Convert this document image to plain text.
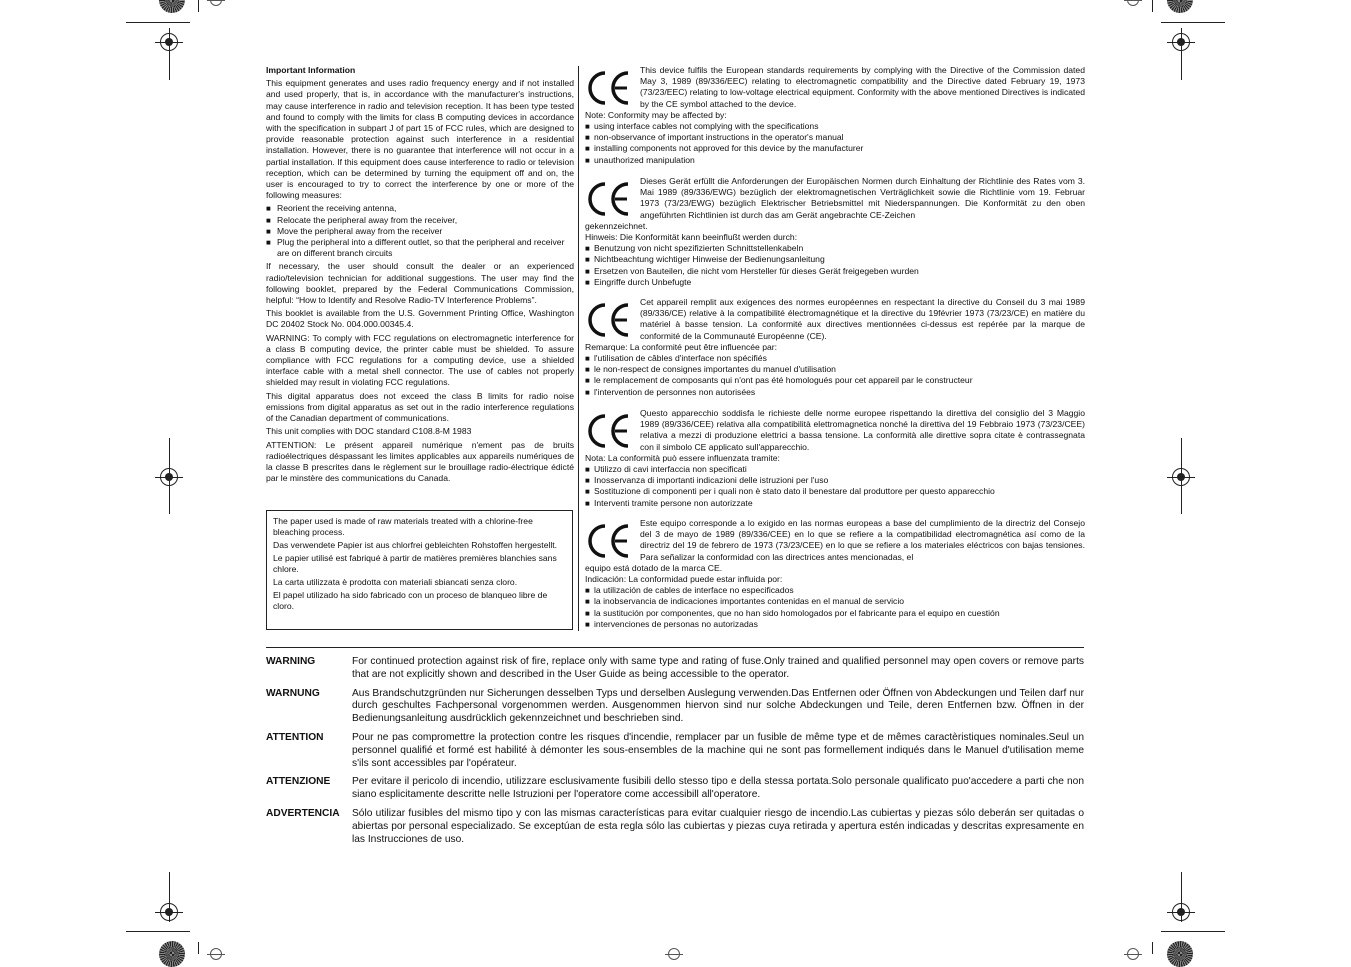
Important Information

This equipment generates and uses radio frequency energy and if not installed and used properly, that is, in accordance with the manufacturer's instructions, may cause interference in radio and television reception. It has been type tested and found to comply with the limits for class B computing devices in accordance with the specification in subpart J of part 15 of FCC rules, which are designed to provide reasonable protection against such interference in a residential installation. However, there is no guarantee that interference will not occur in a partial installation. If this equipment does cause interference to radio or television reception, which can be determined by turning the equipment off and on, the user is encouraged to try to correct the interference by one or more of the following measures:

■ Reorient the receiving antenna,
■ Relocate the peripheral away from the receiver,
■ Move the peripheral away from the receiver
■ Plug the peripheral into a different outlet, so that the peripheral and receiver are on different branch circuits

If necessary, the user should consult the dealer or an experienced radio/television technician for additional suggestions. The user may find the following booklet, prepared by the Federal Communications Commission, helpful: “How to Identify and Resolve Radio-TV Interference Problems”.

This booklet is available from the U.S. Government Printing Office, Washington DC 20402 Stock No. 004.000.00345.4.

WARNING: To comply with FCC regulations on electromagnetic interference for a class B computing device, the printer cable must be shielded. To assure compliance with FCC regulations for a computing device, use a shielded interface cable with a metal shell connector. The use of cables not properly shielded may result in violating FCC regulations.

This digital apparatus does not exceed the class B limits for radio noise emissions from digital apparatus as set out in the radio interference regulations of the Canadian department of communications.

This unit complies with DOC standard C108.8-M 1983

ATTENTION: Le présent appareil numérique n'ement pas de bruits radioélectriques déspassant les limites applicables aux appareils numériques de la classe B prescrites dans le règlement sur le brouillage radio-électrique édicté par le minstère des communications du Canada.

The paper used is made of raw materials treated with a chlorine-free bleaching process.

Das verwendete Papier ist aus chlorfrei gebleichten Rohstoffen hergestellt.

Le papier utilisé est fabriqué à partir de matières premières blanchies sans chlore.

La carta utilizzata è prodotta con materiali sbiancati senza cloro.

El papel utilizado ha sido fabricado con un proceso de blanqueo libre de cloro.

This device fulfils the European standards requirements by complying with the Directive of the Commission dated May 3, 1989 (89/336/EEC) relating to electromagnetic compatibility and the Directive dated February 19, 1973 (73/23/EEC) relating to low-voltage electrical equipment. Conformity with the above mentioned Directives is indicated by the CE symbol attached to the device.

Note: Conformity may be affected by:

■ using interface cables not complying with the specifications
■ non-observance of important instructions in the operator's manual
■ installing components not approved for this device by the manufacturer
■ unauthorized manipulation

Dieses Gerät erfüllt die Anforderungen der Europäischen Normen durch Einhaltung der Richtlinie des Rates vom 3. Mai 1989 (89/336/EWG) bezüglich der elektromagnetischen Verträglichkeit sowie die Richtlinie vom 19. Februar 1973 (73/23/EWG) bezüglich Elektrischer Betriebsmittel mit Niederspannungen. Die Konformität zu den oben angeführten Richtlinien ist durch das am Gerät angebrachte CE-Zeichen

gekennzeichnet.

Hinweis: Die Konformität kann beeinflußt werden durch:

■ Benutzung von nicht spezifizierten Schnittstellenkabeln
■ Nichtbeachtung wichtiger Hinweise der Bedienungsanleitung
■ Ersetzen von Bauteilen, die nicht vom Hersteller für dieses Gerät freigegeben wurden
■ Eingriffe durch Unbefugte

Cet appareil remplit aux exigences des normes européennes en respectant la directive du Conseil du 3 mai 1989 (89/336/CE) relative à la compatibilité électromagnétique et la directive du 19février 1973 (73/23/CE) en matière du matériel à basse tension. La conformité aux directives mentionnées ci-dessus est repérée par la marque de conformité de la Communauté Européenne (CE).

Remarque: La conformité peut être influencée par:

■ l'utilisation de câbles d'interface non spécifiés
■ le non-respect de consignes importantes du manuel d'utilisation
■ le remplacement de composants qui n'ont pas été homologués pour cet appareil par le constructeur
■ l'intervention de personnes non autorisées

Questo apparecchio soddisfa le richieste delle norme europee rispettando la direttiva del consiglio del 3 Maggio 1989 (89/336/CEE) relativa alla compatibilità elettromagnetica nonché la direttiva del 19 Febbraio 1973 (73/23/CEE) relativa a mezzi di produzione elettrici a bassa tensione. La conformità alle direttive sopra citate è contrassegnata con il simbolo CE applicato sull'apparecchio.

Nota: La conformità può essere influenzata tramite:

■ Utilizzo di cavi interfaccia non specificati
■ Inosservanza di importanti indicazioni delle istruzioni per l'uso
■ Sostituzione di componenti per i quali non è stato dato il benestare dal produttore per questo apparecchio
■ Interventi tramite persone non autorizzate

Este equipo corresponde a lo exigido en las normas europeas a base del cumplimiento de la directriz del Consejo del 3 de mayo de 1989 (89/336/CEE) en lo que se refiere a la compatibilidad electromagnética así como de la directriz del 19 de febrero de 1973 (73/23/CEE) en lo que se refiere a los materiales eléctricos con bajas tensiones. Para señalizar la conformidad con las directrices antes mencionadas, el

equipo está dotado de la marca CE.

Indicación: La conformidad puede estar influida por:

■ la utilización de cables de interface no especificados
■ la inobservancia de indicaciones importantes contenidas en el manual de servicio
■ la sustitución por componentes, que no han sido homologados por el fabricante para el equipo en cuestión
■ intervenciones de personas no autorizadas
WARNING	For continued protection against risk of fire, replace only with same type and rating of fuse.Only trained and qualified personnel may open covers or remove parts that are not explicitly shown and described in the User Guide as being accessible to the operator.
WARNUNG	Aus Brandschutzgründen nur Sicherungen desselben Typs und derselben Auslegung verwenden.Das Entfernen oder Öffnen von Abdeckungen und Teilen darf nur durch geschultes Fachpersonal vorgenommen werden. Ausgenommen hiervon sind nur solche Abdeckungen und Teile, deren Entfernen bzw. Öffnen in der Bedienungsanleitung ausdrücklich gekennzeichnet und beschrieben sind.
ATTENTION	Pour ne pas compromettre la protection contre les risques d'incendie, remplacer par un fusible de même type et de mêmes caractèristiques nominales.Seul un personnel qualifié et formé est habilité à démonter les sous-ensembles de la machine qui ne sont pas formellement indiqués dans le Manuel d'utilisation meme s'ils sont accessibles par l'opérateur.
ATTENZIONE	Per evitare il pericolo di incendio, utilizzare esclusivamente fusibili dello stesso tipo e della stessa portata.Solo personale qualificato puo'accedere a parti che non siano esplicitamente descritte nelle Istruzioni per l'operatore come accessibill all'operatore.
ADVERTENCIA	Sólo utilizar fusibles del mismo tipo y con las mismas características para evitar cualquier riesgo de incendio.Las cubiertas y piezas sólo deberán ser quitadas o abiertas por personal especializado. Se exceptúan de esta regla sólo las cubiertas y piezas cuya retirada y apertura estén indicadas y descritas expresamente en las Instrucciones de uso.
